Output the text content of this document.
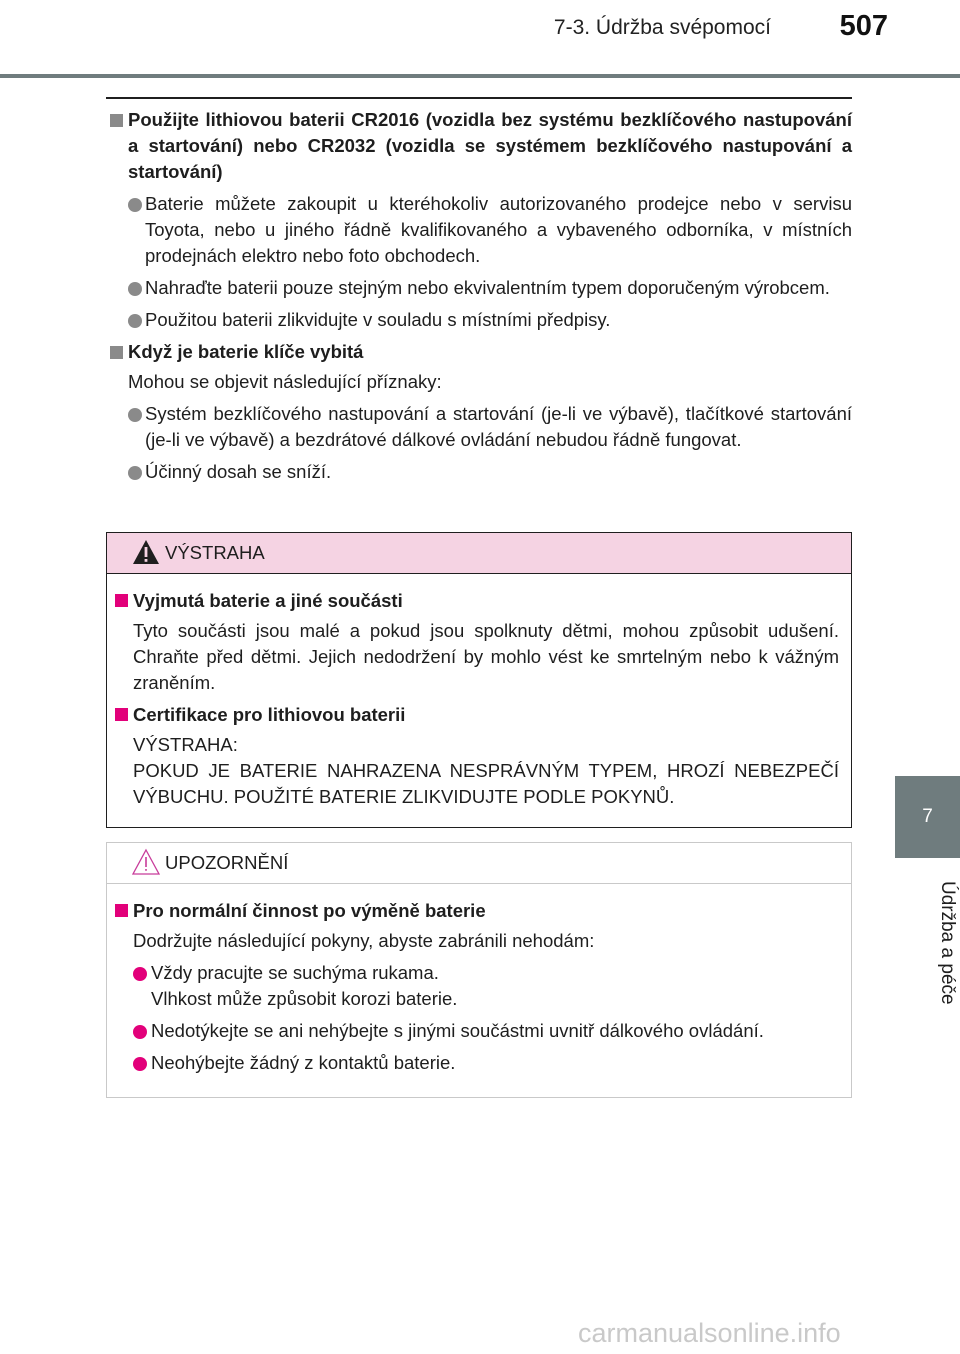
7-3. Údržba svépomocí	507
7
Údržba a péče

Použijte lithiovou baterii CR2016 (vozidla bez systému bezklíčového nastupování a startování) nebo CR2032 (vozidla se systémem bezklíčového nastupování a startování)

Baterie můžete zakoupit u kteréhokoliv autorizovaného prodejce nebo v servisu Toyota, nebo u jiného řádně kvalifikovaného a vybaveného odborníka, v místních prodejnách elektro nebo foto obchodech.

Nahraďte baterii pouze stejným nebo ekvivalentním typem doporučeným výrobcem.

Použitou baterii zlikvidujte v souladu s místními předpisy.

Když je baterie klíče vybitá

Mohou se objevit následující příznaky:

Systém bezklíčového nastupování a startování (je-li ve výbavě), tlačítkové startování (je-li ve výbavě) a bezdrátové dálkové ovládání nebudou řádně fungovat.

Účinný dosah se sníží.

VÝSTRAHA

Vyjmutá baterie a jiné součásti

Tyto součásti jsou malé a pokud jsou spolknuty dětmi, mohou způsobit udušení. Chraňte před dětmi. Jejich nedodržení by mohlo vést ke smrtelným nebo k vážným zraněním.

Certifikace pro lithiovou baterii

VÝSTRAHA:

POKUD JE BATERIE NAHRAZENA NESPRÁVNÝM TYPEM, HROZÍ NEBEZPEČÍ VÝBUCHU. POUŽITÉ BATERIE ZLIKVIDUJTE PODLE POKYNŮ.

UPOZORNĚNÍ

Pro normální činnost po výměně baterie

Dodržujte následující pokyny, abyste zabránili nehodám:

Vždy pracujte se suchýma rukama.
Vlhkost může způsobit korozi baterie.

Nedotýkejte se ani nehýbejte s jinými součástmi uvnitř dálkového ovládání.

Neohýbejte žádný z kontaktů baterie.

carmanualsonline.info
